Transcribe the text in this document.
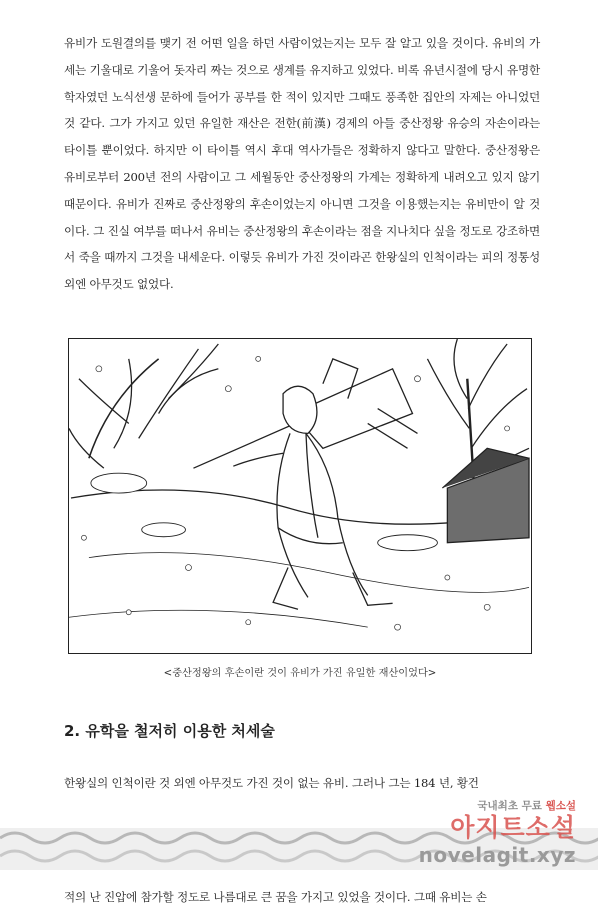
유비가 도원결의를 맺기 전 어떤 일을 하던 사람이었는지는 모두 잘 알고 있을 것이다. 유비의 가세는 기울대로 기울어 돗자리 짜는 것으로 생계를 유지하고 있었다. 비록 유년시절에 당시 유명한 학자였던 노식선생 문하에 들어가 공부를 한 적이 있지만 그때도 풍족한 집안의 자제는 아니었던 것 같다. 그가 가지고 있던 유일한 재산은 전한(前漢) 경제의 아들 중산정왕 유승의 자손이라는 타이틀 뿐이었다. 하지만 이 타이틀 역시 후대 역사가들은 정확하지 않다고 말한다. 중산정왕은 유비로부터 200년 전의 사람이고 그 세월동안 중산정왕의 가계는 정확하게 내려오고 있지 않기 때문이다. 유비가 진짜로 중산정왕의 후손이었는지 아니면 그것을 이용했는지는 유비만이 알 것이다. 그 진실 여부를 떠나서 유비는 중산정왕의 후손이라는 점을 지나치다 싶을 정도로 강조하면서 죽을 때까지 그것을 내세운다. 이렇듯 유비가 가진 것이라곤 한왕실의 인척이라는 피의 정통성 외엔 아무것도 없었다.

<중산정왕의 후손이란 것이 유비가 가진 유일한 재산이었다>
2. 유학을 철저히 이용한 처세술

한왕실의 인척이란 것 외엔 아무것도 가진 것이 없는 유비. 그러나 그는 184 년, 황건

국내최초 무료 웹소설
아지트소설
novelagit.xyz

적의 난 진압에 참가할 정도로 나름대로 큰 꿈을 가지고 있었을 것이다. 그때 유비는 손
